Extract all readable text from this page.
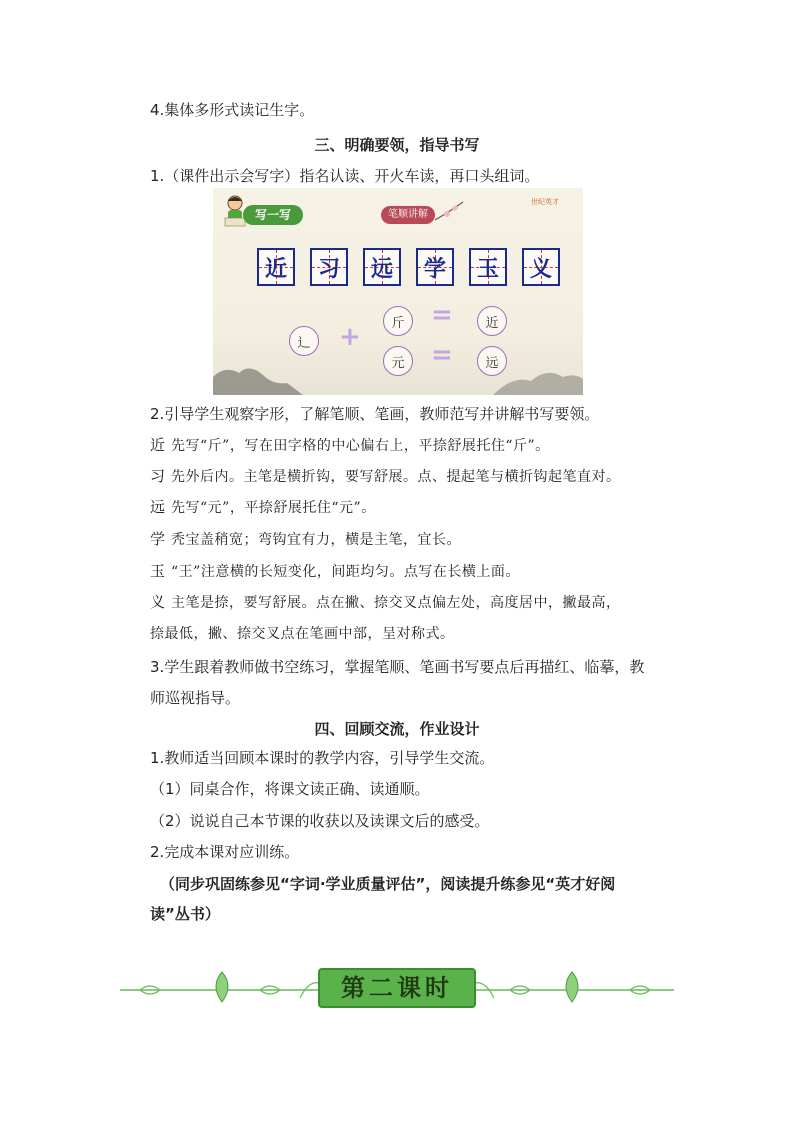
4.集体多形式读记生字。
三、明确要领，指导书写
1.（课件出示会写字）指名认读、开火车读，再口头组词。
写一写	笔顺讲解
世纪英才
近 习 远 学 玉 义
辶	+	斤
元
=
=
近
远
2.引导学生观察字形，了解笔顺、笔画，教师范写并讲解书写要领。
近 先写“斤”，写在田字格的中心偏右上，平捺舒展托住“斤”。
习 先外后内。主笔是横折钩，要写舒展。点、提起笔与横折钩起笔直对。
远 先写“元”，平捺舒展托住“元”。
学 秃宝盖稍宽；弯钩宜有力，横是主笔，宜长。
玉 “王”注意横的长短变化，间距均匀。点写在长横上面。
义 主笔是捺，要写舒展。点在撇、捺交叉点偏左处，高度居中，撇最高，
捺最低，撇、捺交叉点在笔画中部，呈对称式。
3.学生跟着教师做书空练习，掌握笔顺、笔画书写要点后再描红、临摹，教
师巡视指导。
四、回顾交流，作业设计
1.教师适当回顾本课时的教学内容，引导学生交流。
（1）同桌合作，将课文读正确、读通顺。
（2）说说自己本节课的收获以及读课文后的感受。
2.完成本课对应训练。
（同步巩固练参见“字词·学业质量评估”，阅读提升练参见“英才好阅
读”丛书）
第二课时
